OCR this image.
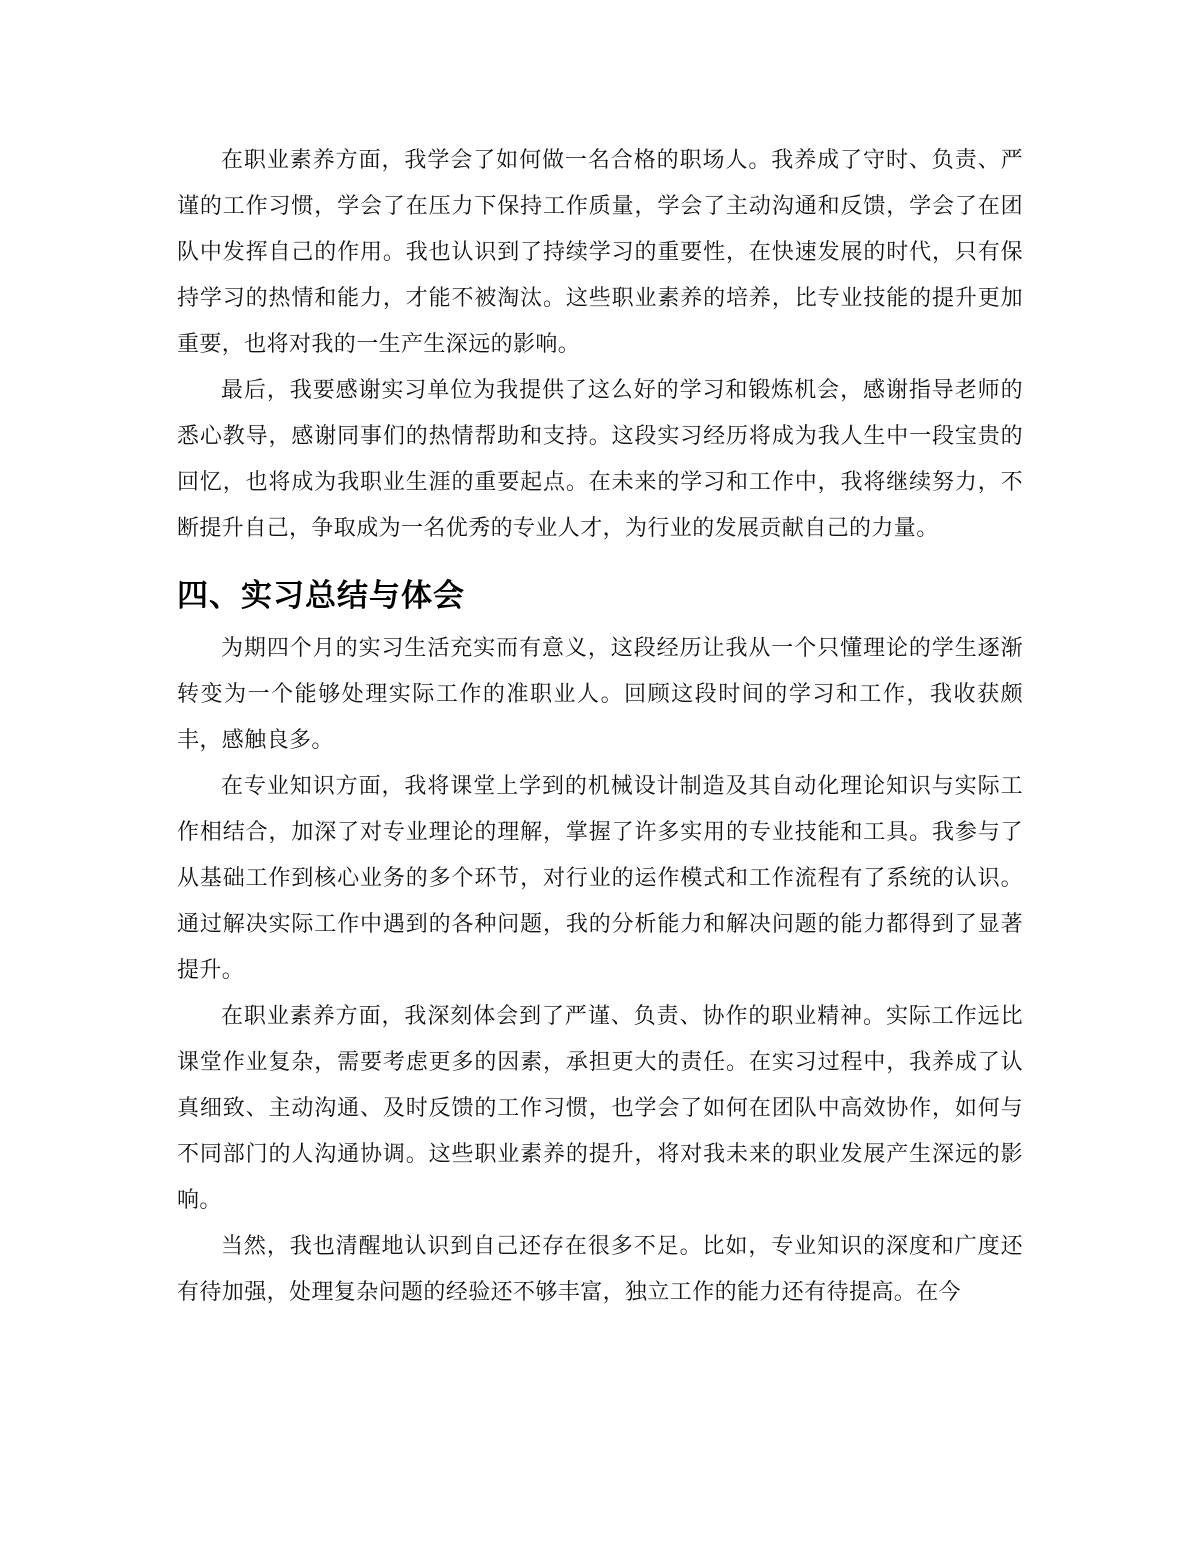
在职业素养方面，我学会了如何做一名合格的职场人。我养成了守时、负责、严谨的工作习惯，学会了在压力下保持工作质量，学会了主动沟通和反馈，学会了在团队中发挥自己的作用。我也认识到了持续学习的重要性，在快速发展的时代，只有保持学习的热情和能力，才能不被淘汰。这些职业素养的培养，比专业技能的提升更加重要，也将对我的一生产生深远的影响。

最后，我要感谢实习单位为我提供了这么好的学习和锻炼机会，感谢指导老师的悉心教导，感谢同事们的热情帮助和支持。这段实习经历将成为我人生中一段宝贵的回忆，也将成为我职业生涯的重要起点。在未来的学习和工作中，我将继续努力，不断提升自己，争取成为一名优秀的专业人才，为行业的发展贡献自己的力量。

四、实习总结与体会

为期四个月的实习生活充实而有意义，这段经历让我从一个只懂理论的学生逐渐转变为一个能够处理实际工作的准职业人。回顾这段时间的学习和工作，我收获颇丰，感触良多。

在专业知识方面，我将课堂上学到的机械设计制造及其自动化理论知识与实际工作相结合，加深了对专业理论的理解，掌握了许多实用的专业技能和工具。我参与了从基础工作到核心业务的多个环节，对行业的运作模式和工作流程有了系统的认识。通过解决实际工作中遇到的各种问题，我的分析能力和解决问题的能力都得到了显著提升。

在职业素养方面，我深刻体会到了严谨、负责、协作的职业精神。实际工作远比课堂作业复杂，需要考虑更多的因素，承担更大的责任。在实习过程中，我养成了认真细致、主动沟通、及时反馈的工作习惯，也学会了如何在团队中高效协作，如何与不同部门的人沟通协调。这些职业素养的提升，将对我未来的职业发展产生深远的影响。

当然，我也清醒地认识到自己还存在很多不足。比如，专业知识的深度和广度还有待加强，处理复杂问题的经验还不够丰富，独立工作的能力还有待提高。在今
